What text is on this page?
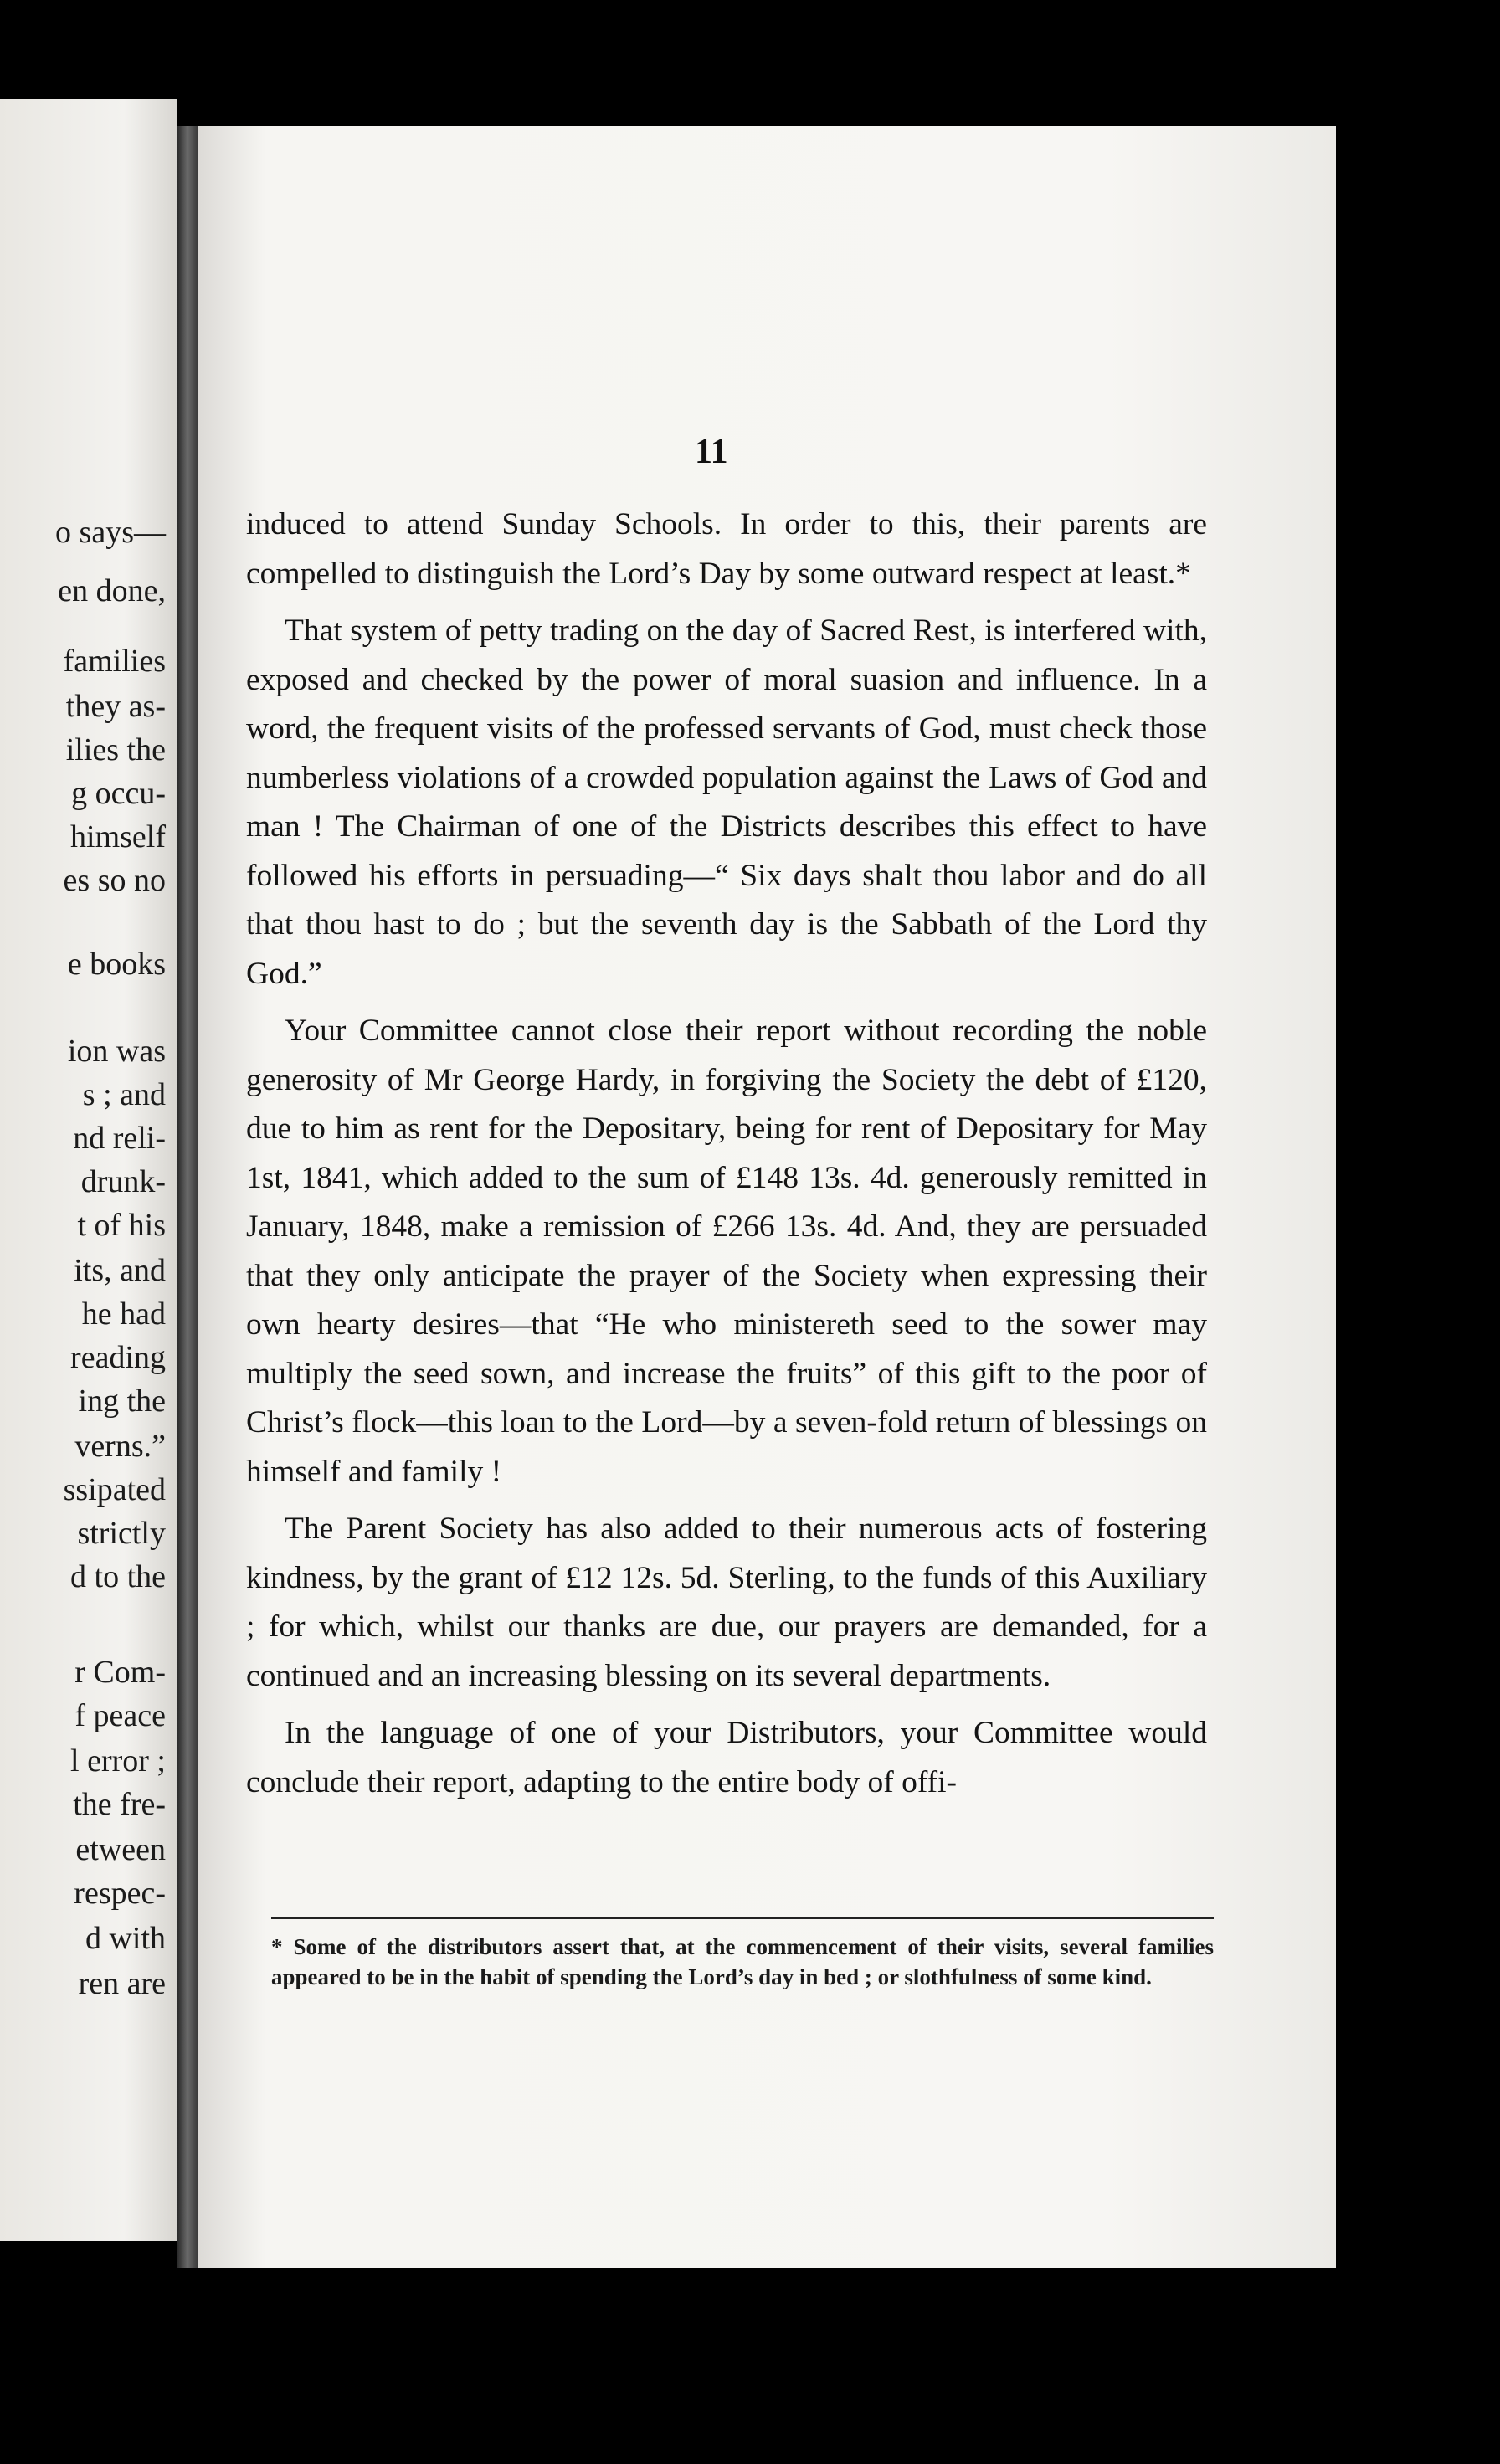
o says—
en done,
families
they as-
ilies the
g occu-
himself
es so no
e books
ion was
s ; and
nd reli-
drunk-
t of his
its, and
he had
reading
ing the
verns.”
ssipated
strictly
d to the
r Com-
f peace
l error ;
the fre-
etween
respec-
d with
ren are
11

induced to attend Sunday Schools. In order to this, their parents are compelled to distinguish the Lord’s Day by some outward respect at least.*

That system of petty trading on the day of Sacred Rest, is interfered with, exposed and checked by the power of moral suasion and influence. In a word, the frequent visits of the professed servants of God, must check those numberless violations of a crowded population against the Laws of God and man ! The Chairman of one of the Districts describes this effect to have followed his efforts in persuading—“ Six days shalt thou labor and do all that thou hast to do ; but the seventh day is the Sabbath of the Lord thy God.”

Your Committee cannot close their report without recording the noble generosity of Mr George Hardy, in forgiving the Society the debt of £120, due to him as rent for the Depositary, being for rent of Depositary for May 1st, 1841, which added to the sum of £148 13s. 4d. generously remitted in January, 1848, make a remission of £266 13s. 4d. And, they are persuaded that they only anticipate the prayer of the Society when expressing their own hearty desires—that “He who ministereth seed to the sower may multiply the seed sown, and increase the fruits” of this gift to the poor of Christ’s flock—this loan to the Lord—by a seven-fold return of blessings on himself and family !

The Parent Society has also added to their numerous acts of fostering kindness, by the grant of £12 12s. 5d. Sterling, to the funds of this Auxiliary ; for which, whilst our thanks are due, our prayers are demanded, for a continued and an increasing blessing on its several departments.

In the language of one of your Distributors, your Committee would conclude their report, adapting to the entire body of offi-

* Some of the distributors assert that, at the commencement of their visits, several families appeared to be in the habit of spending the Lord’s day in bed ; or slothfulness of some kind.
